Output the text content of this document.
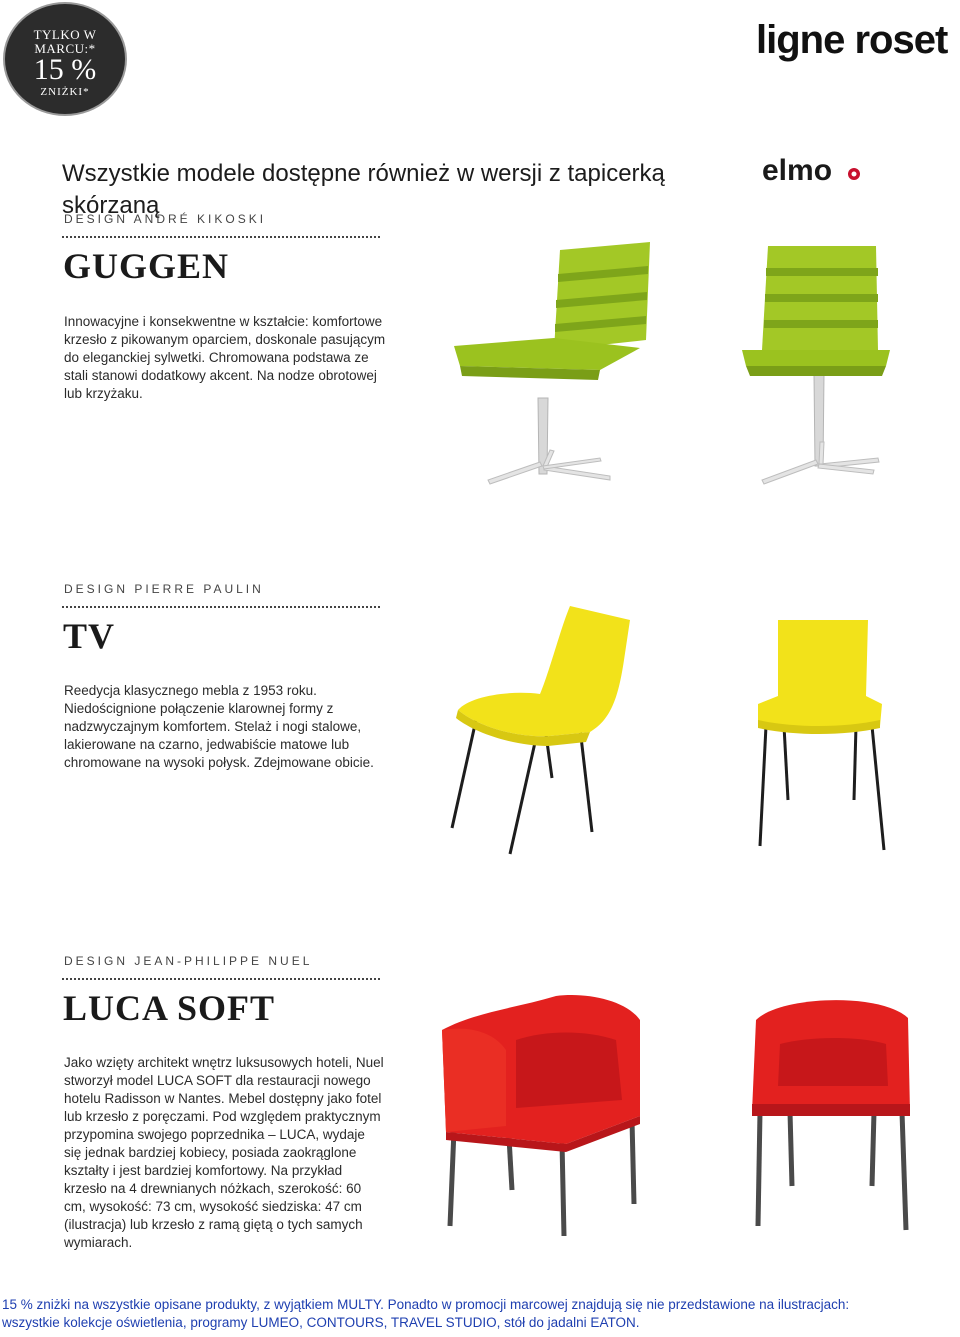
TYLKO W
MARCU:*
15 %
ZNIŻKI*
ligne roset
Wszystkie modele dostępne również w wersji z tapicerką skórzaną
elmo
DESIGN ANDRÉ KIKOSKI
GUGGEN

Innowacyjne i konsekwentne w kształcie: komfortowe krzesło z pikowanym oparciem, doskonale pasującym do eleganckiej sylwetki. Chromowana podstawa ze stali stanowi dodatkowy akcent. Na nodze obrotowej lub krzyżaku.

DESIGN PIERRE PAULIN
TV

Reedycja klasycznego mebla z 1953 roku. Niedoścignione połączenie klarownej formy z nadzwyczajnym komfortem. Stelaż i nogi stalowe, lakierowane na czarno, jedwabiście matowe lub chromowane na wysoki połysk. Zdejmowane obicie.

DESIGN JEAN-PHILIPPE NUEL
LUCA SOFT

Jako wzięty architekt wnętrz luksusowych hoteli, Nuel stworzył model LUCA SOFT dla restauracji nowego hotelu Radisson w Nantes. Mebel dostępny jako fotel lub krzesło z poręczami. Pod względem praktycznym przypomina swojego poprzednika – LUCA, wydaje się jednak bardziej kobiecy, posiada zaokrąglone kształty i jest bardziej komfortowy. Na przykład krzesło na 4 drewnianych nóżkach, szerokość: 60 cm, wysokość: 73 cm, wysokość siedziska: 47 cm (ilustracja) lub krzesło z ramą giętą o tych samych wymiarach.

15 % zniżki na wszystkie opisane produkty, z wyjątkiem MULTY. Ponadto w promocji marcowej znajdują się nie przedstawione na ilustracjach:
wszystkie kolekcje oświetlenia, programy LUMEO, CONTOURS, TRAVEL STUDIO, stół do jadalni EATON.
